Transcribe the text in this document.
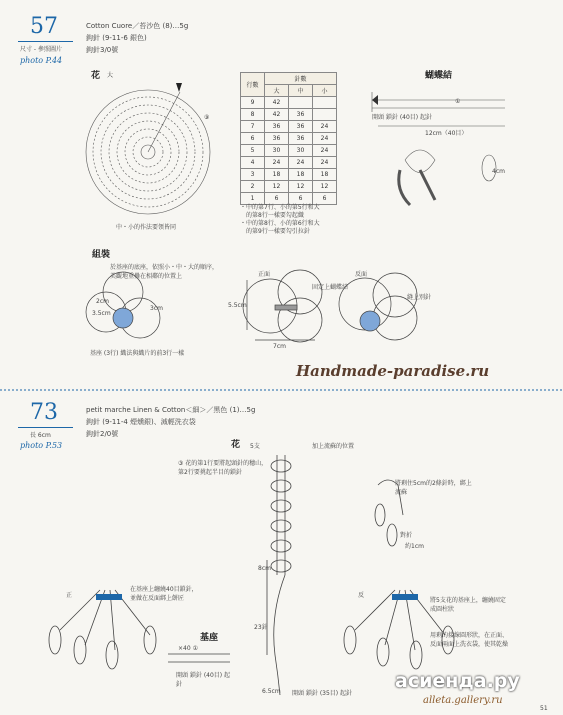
57
尺寸 - 參照圖片
photo P.44
Cotton Cuore／苔沙色 (8)…5g
鉤針 (9-11-6 銀色)
鉤針3/0號
花 大
⑨
中・小的作法要領皆同
行數	針數		
	大	中	小
9	42		
8	42	36	
7	36	36	24
6	36	36	24
5	30	30	24
4	24	24	24
3	18	18	18
2	12	12	12
1	6	6	6
・中的第7行、小的第5行和大
的第8行一樣要勾起織
・中的第8行、小的第6行和大
的第9行一樣要勾引拉針
蝴蝶結
開頭 鎖針 (40目) 起針
12cm（40目）
4cm
組裝
於基座的底座，依照小・中・大的順序，美觀地重疊在相鄰的位置上
2cm
3.5cm
3cm
基座 (3行) 織法與織片的前3行一樣
正面	反面
固定上蝴蝶結
縫上別針
7cm
5.5cm
①
Handmade-paradise.ru
73
長 6cm
photo P.53
petit marche Linen & Cotton＜細＞／黑色 (1)…5g
鉤針 (9-11-4 煙燻銀)、減輕洗衣袋
鉤針2/0號
花 5支	加上流蘇的位置
③ 花的第1行要將起頭針的穗山，第2行要挑起半目的鎖針
將剩住5cm的2條針時，綁上流蘇
對折
約1cm
正
在基座上纏繞40目鎖針，並做在反面綁上餅匠
基座
×40 ①
開頭 鎖針 (40目) 起針
8cm
23針
6.5cm 開頭 鎖針 (35目) 起針
反
將5支花的基座上，纏繞固定成圓柱狀
用剩的接線圓形狀，在正面、反面兩面上洗衣袋，使其乾燥
51
асиенда.ру
alleta.gallery.ru
